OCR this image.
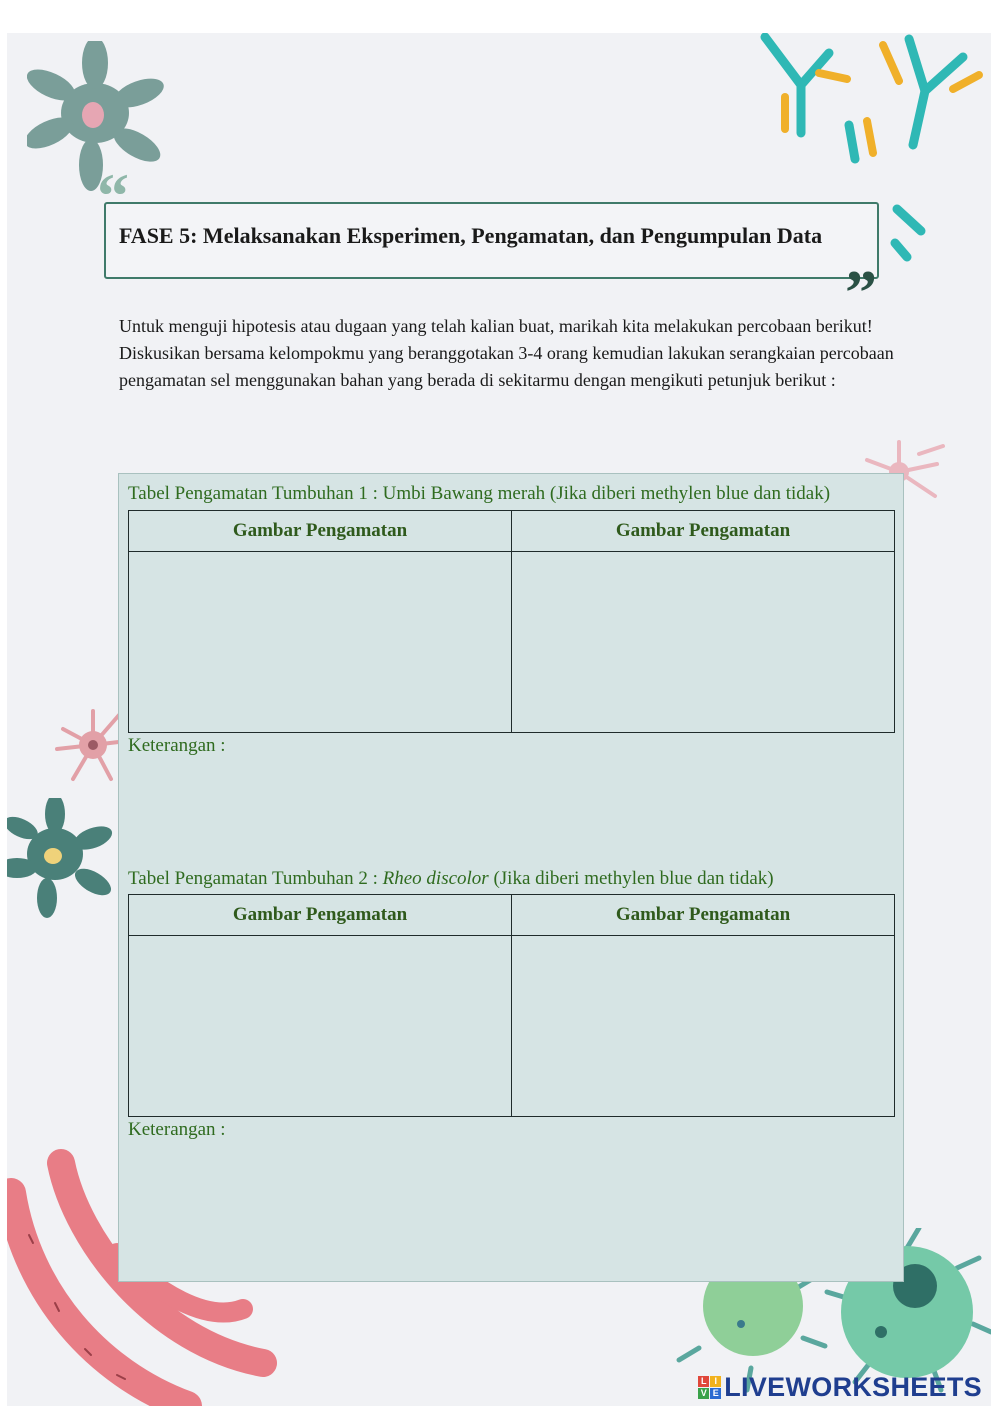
“
FASE 5: Melaksanakan Eksperimen, Pengamatan, dan Pengumpulan Data
”

Untuk menguji hipotesis atau dugaan yang telah kalian buat, marikah kita melakukan percobaan berikut!

Diskusikan bersama kelompokmu yang beranggotakan 3-4 orang kemudian lakukan serangkaian percobaan pengamatan sel menggunakan bahan yang berada di sekitarmu dengan mengikuti petunjuk berikut :

Tabel Pengamatan Tumbuhan 1 : Umbi Bawang merah (Jika diberi methylen blue dan tidak)
Gambar Pengamatan	Gambar Pengamatan

Keterangan :
Tabel Pengamatan Tumbuhan 2 : Rheo discolor (Jika diberi methylen blue dan tidak)
Gambar Pengamatan	Gambar Pengamatan

Keterangan :
L I
V E LIVEWORKSHEETS
